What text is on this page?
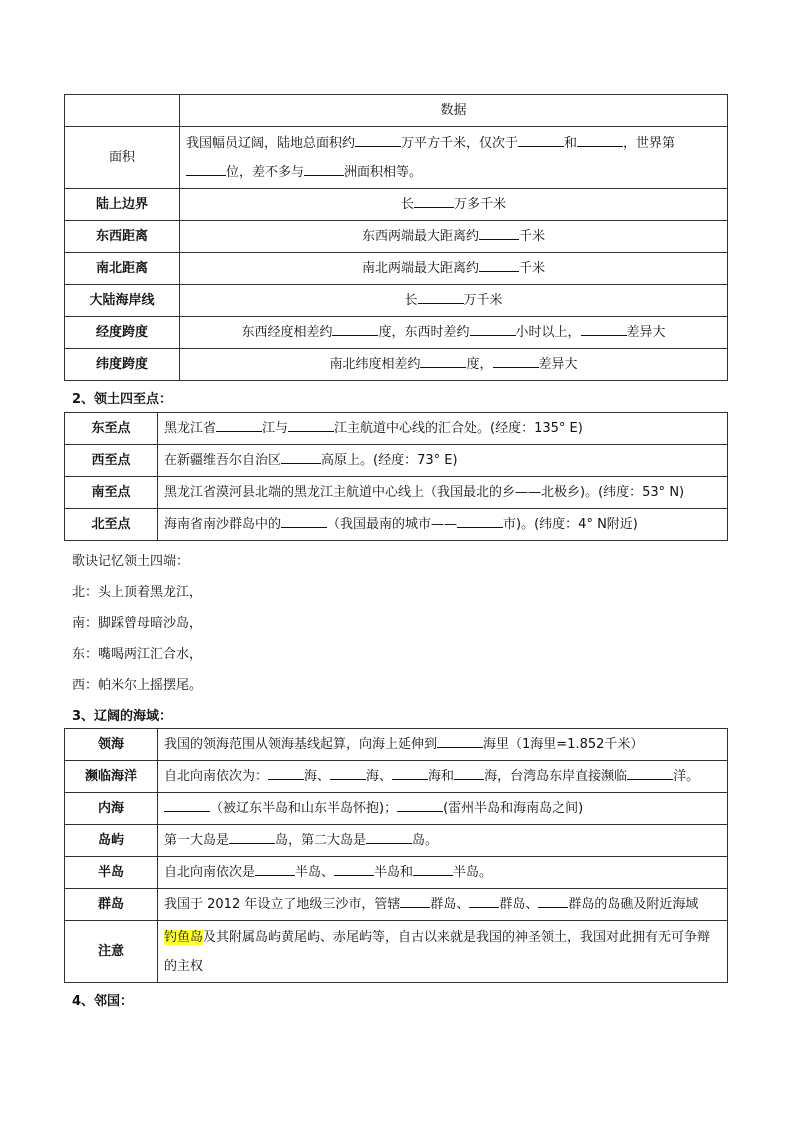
	数据
面积	我国幅员辽阔，陆地总面积约 万平方千米，仅次于 和 ，世界第
位，差不多与 洲面积相等。
陆上边界	长 万多千米
东西距离	东西两端最大距离约 千米
南北距离	南北两端最大距离约 千米
大陆海岸线	长 万千米
经度跨度	东西经度相差约 度，东西时差约 小时以上， 差异大
纬度跨度	南北纬度相差约 度， 差异大
2、领土四至点：
东至点	黑龙江省 江与 江主航道中心线的汇合处。(经度：135° E)
西至点	在新疆维吾尔自治区 高原上。(经度：73° E)
南至点	黑龙江省漠河县北端的黑龙江主航道中心线上（我国最北的乡——北极乡)。(纬度：53° N)
北至点	海南省南沙群岛中的 （我国最南的城市—— 市)。(纬度：4° N附近)
歌诀记忆领土四端：
北：头上顶着黑龙江，
南：脚踩曾母暗沙岛，
东：嘴喝两江汇合水，
西：帕米尔上摇摆尾。
3、辽阔的海域：
领海	我国的领海范围从领海基线起算，向海上延伸到 海里（1海里=1.852千米）
濒临海洋	自北向南依次为： 海、 海、 海和 海，台湾岛东岸直接濒临 洋。
内海	（被辽东半岛和山东半岛怀抱)； (雷州半岛和海南岛之间)
岛屿	第一大岛是 岛，第二大岛是 岛。
半岛	自北向南依次是 半岛、 半岛和 半岛。
群岛	我国于 2012 年设立了地级三沙市，管辖 群岛、 群岛、 群岛的岛礁及附近海域
注意	钓鱼岛及其附属岛屿黄尾屿、赤尾屿等，自古以来就是我国的神圣领土，我国对此拥有无可争辩的主权
4、邻国：
